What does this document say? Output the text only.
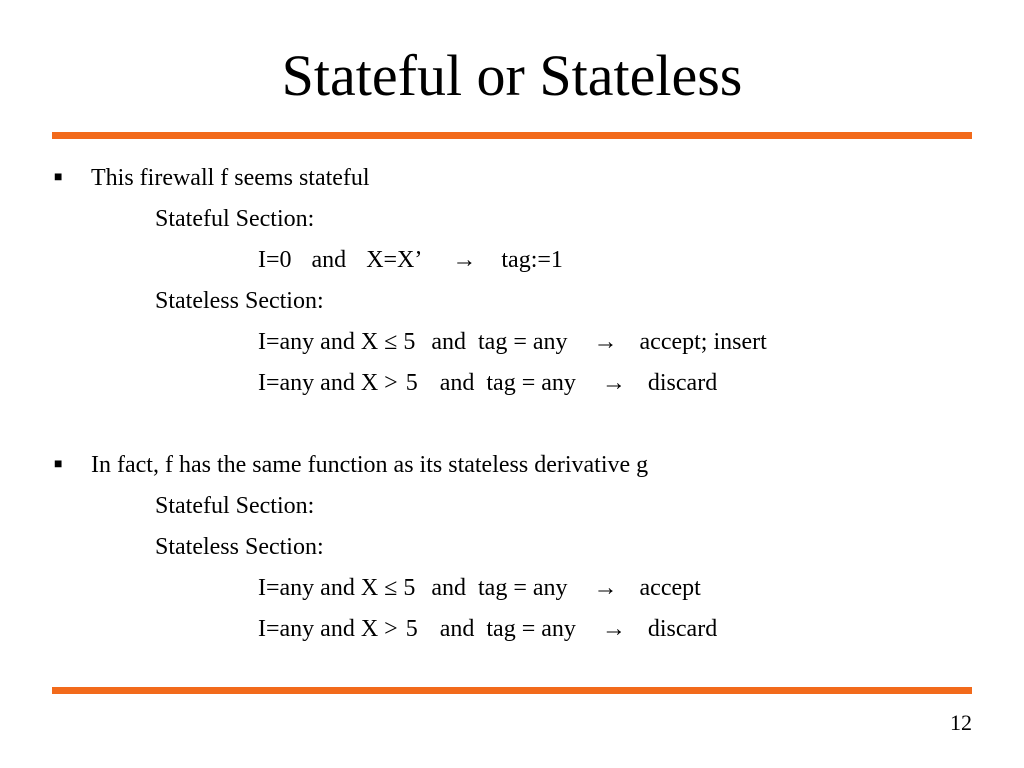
Stateful or Stateless
■ This firewall f seems stateful
Stateful Section:
I=0 and X=X’ → tag:=1
Stateless Section:
I=any and X ≤ 5 and tag = any → accept; insert
I=any and X > 5 and tag = any → discard
■ In fact, f has the same function as its stateless derivative g
Stateful Section:
Stateless Section:
I=any and X ≤ 5 and tag = any → accept
I=any and X > 5 and tag = any → discard
12
